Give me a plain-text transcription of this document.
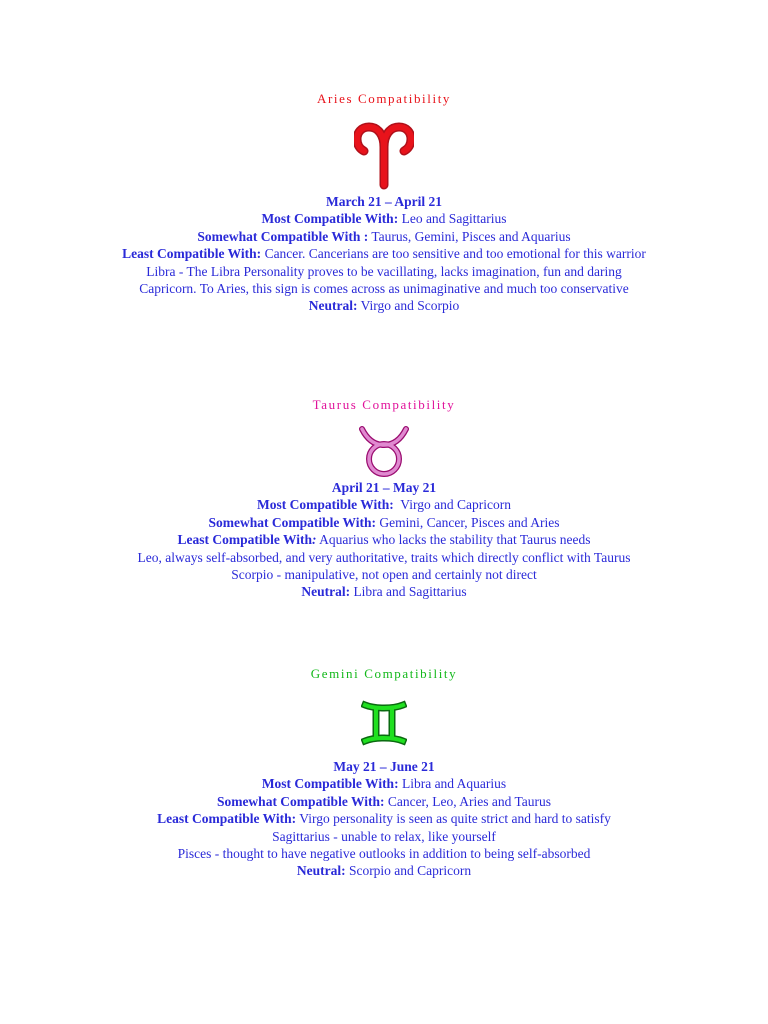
Aries Compatibility
March 21 – April 21
Most Compatible With: Leo and Sagittarius
Somewhat Compatible With : Taurus, Gemini, Pisces and Aquarius
Least Compatible With: Cancer. Cancerians are too sensitive and too emotional for this warrior
Libra - The Libra Personality proves to be vacillating, lacks imagination, fun and daring
Capricorn. To Aries, this sign is comes across as unimaginative and much too conservative
Neutral: Virgo and Scorpio
Taurus Compatibility
April 21 – May 21
Most Compatible With:  Virgo and Capricorn
Somewhat Compatible With: Gemini, Cancer, Pisces and Aries
Least Compatible With: Aquarius who lacks the stability that Taurus needs
Leo, always self-absorbed, and very authoritative, traits which directly conflict with Taurus
Scorpio - manipulative, not open and certainly not direct
Neutral: Libra and Sagittarius
Gemini Compatibility
May 21 – June 21
Most Compatible With: Libra and Aquarius
Somewhat Compatible With: Cancer, Leo, Aries and Taurus
Least Compatible With: Virgo personality is seen as quite strict and hard to satisfy
Sagittarius - unable to relax, like yourself
Pisces - thought to have negative outlooks in addition to being self-absorbed
Neutral: Scorpio and Capricorn
